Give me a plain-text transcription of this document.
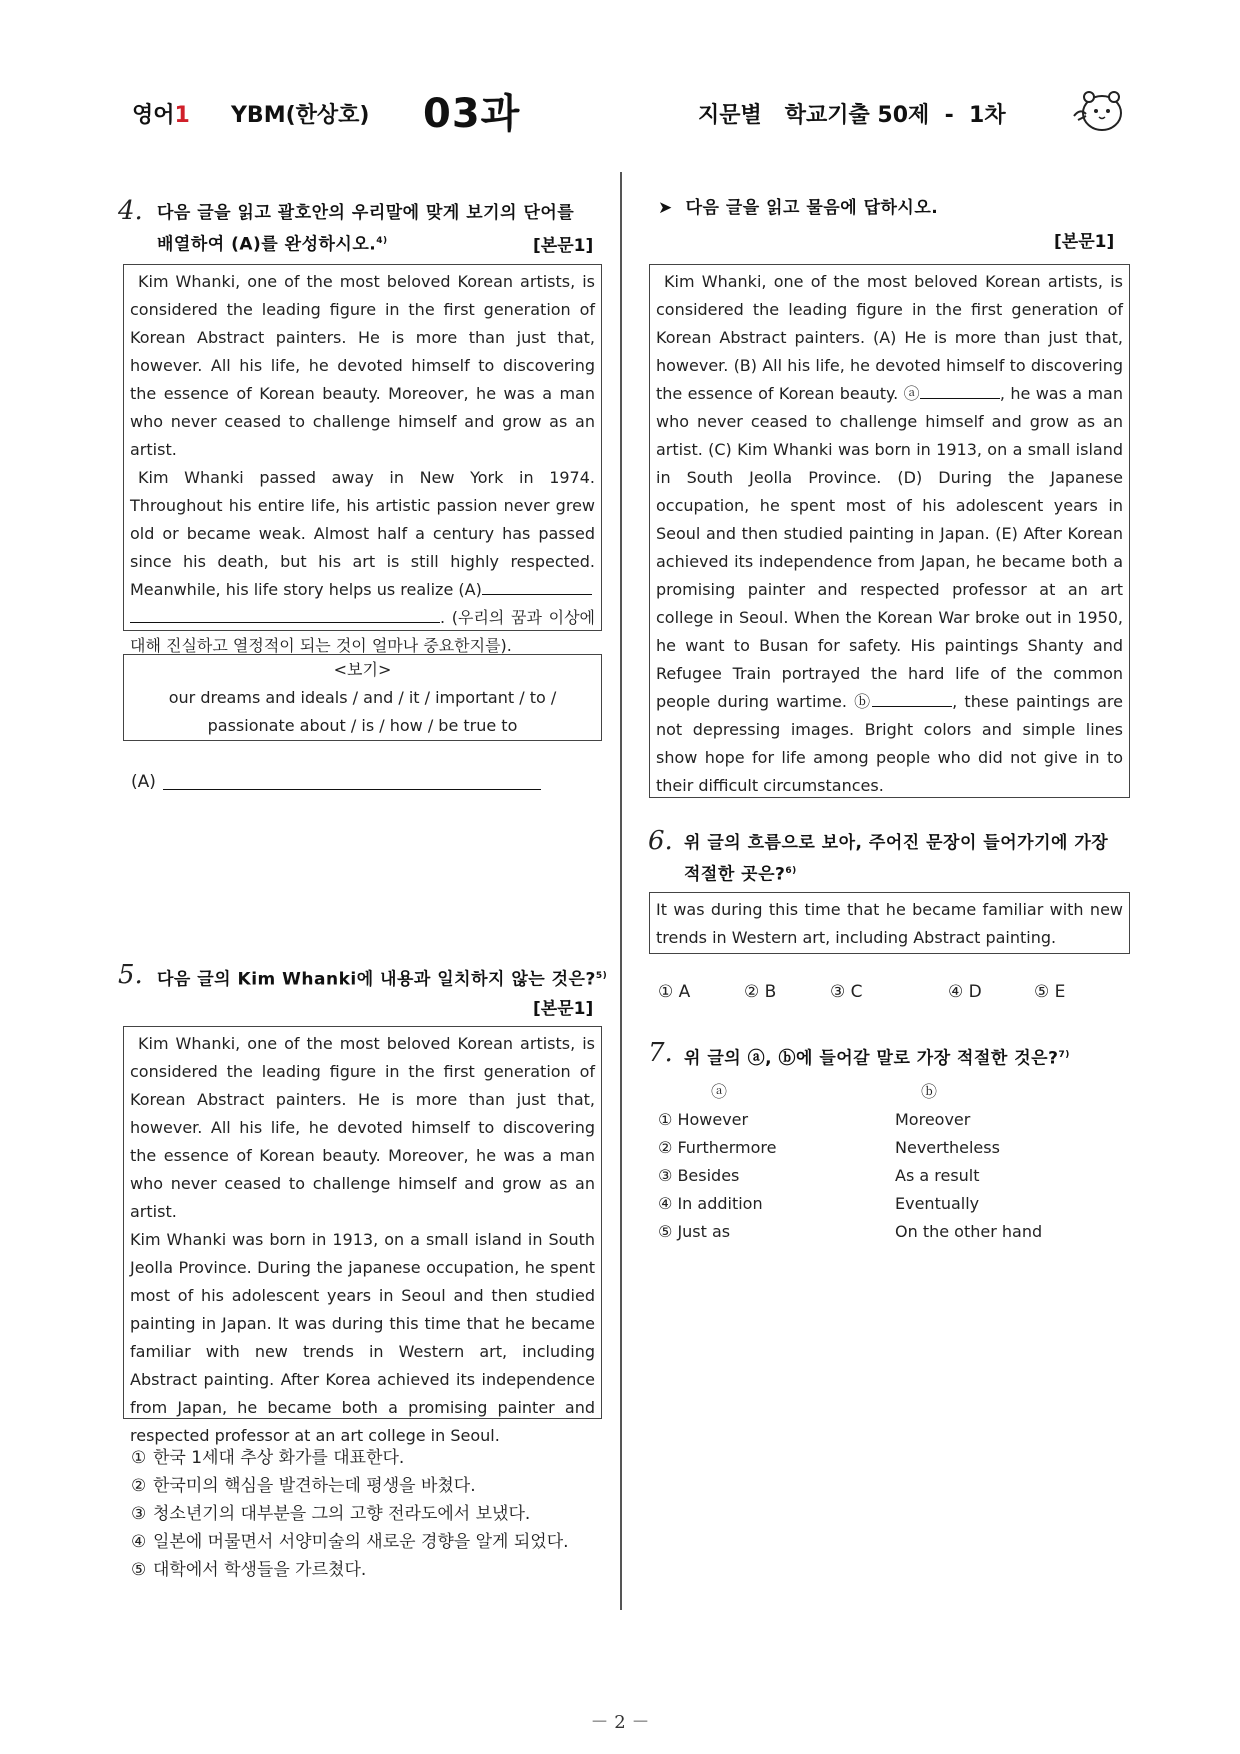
영어1 YBM(한상호) 03과	지문별   학교기출 50제  -  1차
4. 다음 글을 읽고 괄호안의 우리말에 맞게 보기의 단어를
배열하여 (A)를 완성하시오.$^{4)}$	[본문1]

Kim Whanki, one of the most beloved Korean artists, is considered the leading figure in the first generation of Korean Abstract painters. He is more than just that, however. All his life, he devoted himself to discovering the essence of Korean beauty. Moreover, he was a man who never ceased to challenge himself and grow as an artist.

Kim Whanki passed away in New York in 1974. Throughout his entire life, his artistic passion never grew old or became weak. Almost half a century has passed since his death, but his art is still highly respected. Meanwhile, his life story helps us realize (A)
. (우리의 꿈과 이상에 대해 진실하고 열정적이 되는 것이 얼마나 중요한지를).

<보기>
our dreams and ideals / and / it / important / to /
passionate about / is / how / be true to
(A)
5. 다음 글의 Kim Whanki에 내용과 일치하지 않는 것은?$^{5)}$
[본문1]

Kim Whanki, one of the most beloved Korean artists, is considered the leading figure in the first generation of Korean Abstract painters. He is more than just that, however. All his life, he devoted himself to discovering the essence of Korean beauty. Moreover, he was a man who never ceased to challenge himself and grow as an artist.

Kim Whanki was born in 1913, on a small island in South Jeolla Province. During the japanese occupation, he spent most of his adolescent years in Seoul and then studied painting in Japan. It was during this time that he became familiar with new trends in Western art, including Abstract painting. After Korea achieved its independence from Japan, he became both a promising painter and respected professor at an art college in Seoul.

① 한국 1세대 추상 화가를 대표한다.
② 한국미의 핵심을 발견하는데 평생을 바쳤다.
③ 청소년기의 대부분을 그의 고향 전라도에서 보냈다.
④ 일본에 머물면서 서양미술의 새로운 경향을 알게 되었다.
⑤ 대학에서 학생들을 가르쳤다.
➤ 다음 글을 읽고 물음에 답하시오.
[본문1]

Kim Whanki, one of the most beloved Korean artists, is considered the leading figure in the first generation of Korean Abstract painters. (A) He is more than just that, however. (B) All his life, he devoted himself to discovering the essence of Korean beauty. ⓐ	, he was a man who never ceased to challenge himself and grow as an artist. (C) Kim Whanki was born in 1913, on a small island in South Jeolla Province. (D) During the Japanese occupation, he spent most of his adolescent years in Seoul and then studied painting in Japan. (E) After Korean achieved its independence from Japan, he became both a promising painter and respected professor at an art college in Seoul. When the Korean War broke out in 1950, he want to Busan for safety. His paintings Shanty and Refugee Train portrayed the hard life of the common people during wartime. ⓑ	, these paintings are not depressing images. Bright colors and simple lines show hope for life among people who did not give in to their difficult circumstances.

6. 위 글의 흐름으로 보아, 주어진 문장이 들어가기에 가장
적절한 곳은?$^{6)}$

It was during this time that he became familiar with new trends in Western art, including Abstract painting.

① A	② B	③ C	④ D	⑤ E
7. 위 글의 ⓐ, ⓑ에 들어갈 말로 가장 적절한 것은?$^{7)}$
ⓐ	ⓑ
① However	Moreover
② Furthermore	Nevertheless
③ Besides	As a result
④ In addition	Eventually
⑤ Just as	On the other hand
－ 2 －
